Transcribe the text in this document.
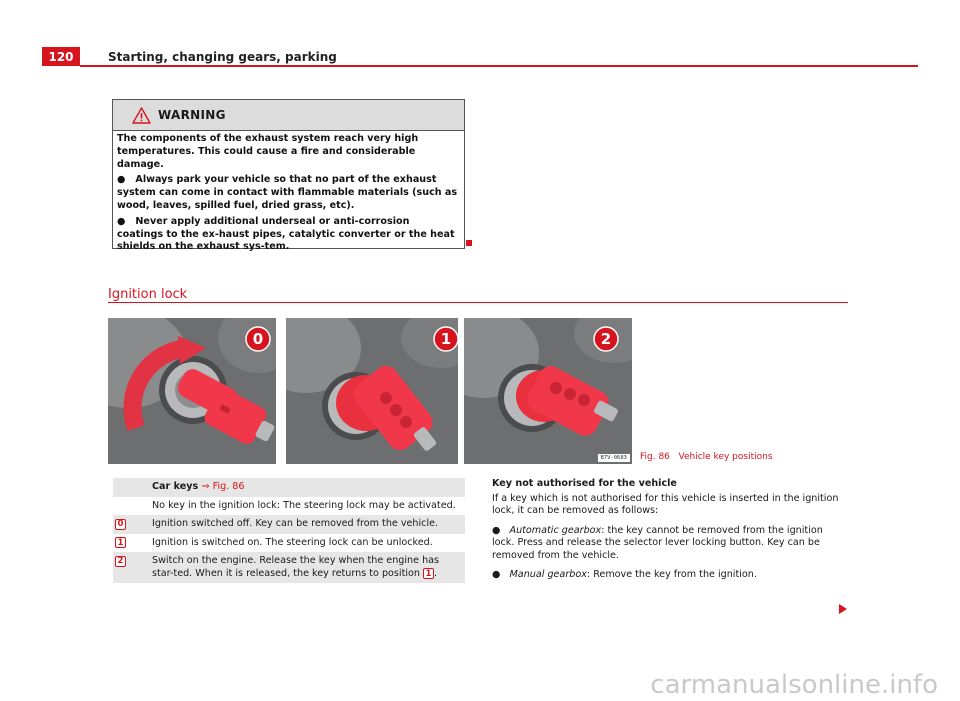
120	Starting, changing gears, parking
WARNING

The components of the exhaust system reach very high temperatures. This could cause a fire and considerable damage.

●   Always park your vehicle so that no part of the exhaust system can come in contact with flammable materials (such as wood, leaves, spilled fuel, dried grass, etc).

●   Never apply additional underseal or anti-corrosion coatings to the ex-haust pipes, catalytic converter or the heat shields on the exhaust sys-tem.

Ignition lock
0	1	2
B7V-0683	Fig. 86 Vehicle key positions
	Car keys ⇒ Fig. 86
	No key in the ignition lock: The steering lock may be activated.
0	Ignition switched off. Key can be removed from the vehicle.
1	Ignition is switched on. The steering lock can be unlocked.
2	Switch on the engine. Release the key when the engine has star-ted. When it is released, the key returns to position 1 .

Key not authorised for the vehicle

If a key which is not authorised for this vehicle is inserted in the ignition lock, it can be removed as follows:

●   Automatic gearbox: the key cannot be removed from the ignition lock. Press and release the selector lever locking button. Key can be removed from the vehicle.

●   Manual gearbox: Remove the key from the ignition.

carmanualsonline.info
